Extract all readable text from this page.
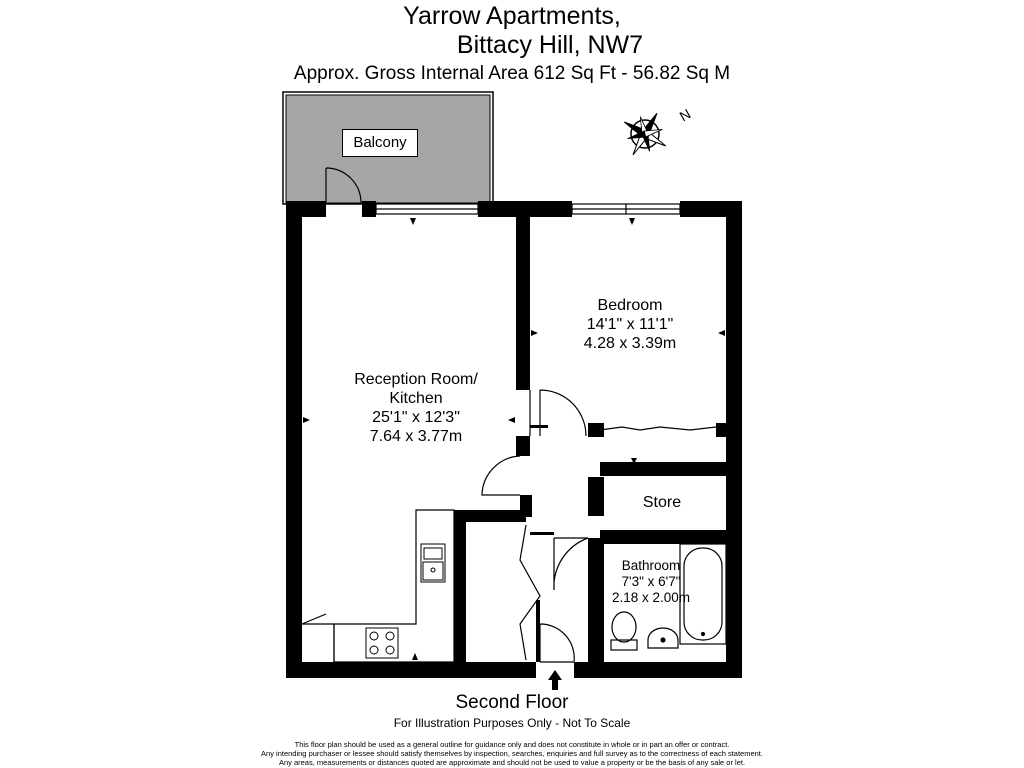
Yarrow Apartments,
Bittacy Hill, NW7
Approx. Gross Internal Area 612 Sq Ft - 56.82 Sq M
N
Balcony
Reception Room/
Kitchen
25'1" x 12'3"
7.64 x 3.77m
Bedroom
14'1" x 11'1"
4.28 x 3.39m
Store
Bathroom
7'3" x 6'7"
2.18 x 2.00m
Second Floor
For Illustration Purposes Only - Not To Scale
This floor plan should be used as a general outline for guidance only and does not constitute in whole or in part an offer or contract.
Any intending purchaser or lessee should satisfy themselves by inspection, searches, enquiries and full survey as to the correctness of each statement.
Any areas, measurements or distances quoted are approximate and should not be used to value a property or be the basis of any sale or let.
